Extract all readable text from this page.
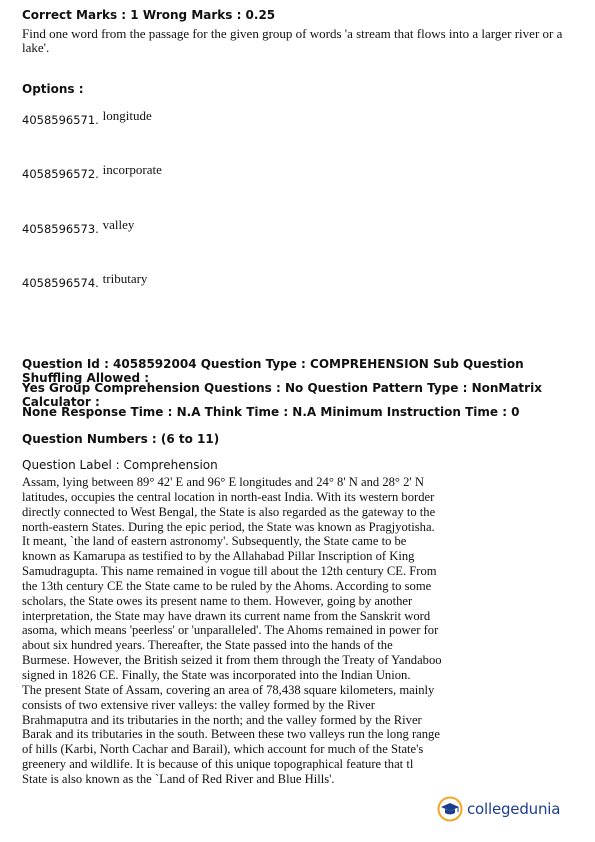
Correct Marks : 1 Wrong Marks : 0.25
Find one word from the passage for the given group of words 'a stream that flows into a larger river or a lake'.
Options :
4058596571. longitude
4058596572. incorporate
4058596573. valley
4058596574. tributary
Question Id : 4058592004 Question Type : COMPREHENSION Sub Question Shuffling Allowed :
Yes Group Comprehension Questions : No Question Pattern Type : NonMatrix Calculator :
None Response Time : N.A Think Time : N.A Minimum Instruction Time : 0
Question Numbers : (6 to 11)
Question Label : Comprehension
Assam, lying between 89° 42' E and 96° E longitudes and 24° 8' N and 28° 2' N
latitudes, occupies the central location in north-east India. With its western border
directly connected to West Bengal, the State is also regarded as the gateway to the
north-eastern States. During the epic period, the State was known as Pragjyotisha.
It meant, `the land of eastern astronomy'. Subsequently, the State came to be
known as Kamarupa as testified to by the Allahabad Pillar Inscription of King
Samudragupta. This name remained in vogue till about the 12th century CE. From
the 13th century CE the State came to be ruled by the Ahoms. According to some
scholars, the State owes its present name to them. However, going by another
interpretation, the State may have drawn its current name from the Sanskrit word
asoma, which means 'peerless' or 'unparalleled'. The Ahoms remained in power for
about six hundred years. Thereafter, the State passed into the hands of the
Burmese. However, the British seized it from them through the Treaty of Yandaboo
signed in 1826 CE. Finally, the State was incorporated into the Indian Union.
The present State of Assam, covering an area of 78,438 square kilometers, mainly
consists of two extensive river valleys: the valley formed by the River
Brahmaputra and its tributaries in the north; and the valley formed by the River
Barak and its tributaries in the south. Between these two valleys run the long range
of hills (Karbi, North Cachar and Barail), which account for much of the State's
greenery and wildlife. It is because of this unique topographical feature that tl
State is also known as the `Land of Red River and Blue Hills'.
collegedunia
